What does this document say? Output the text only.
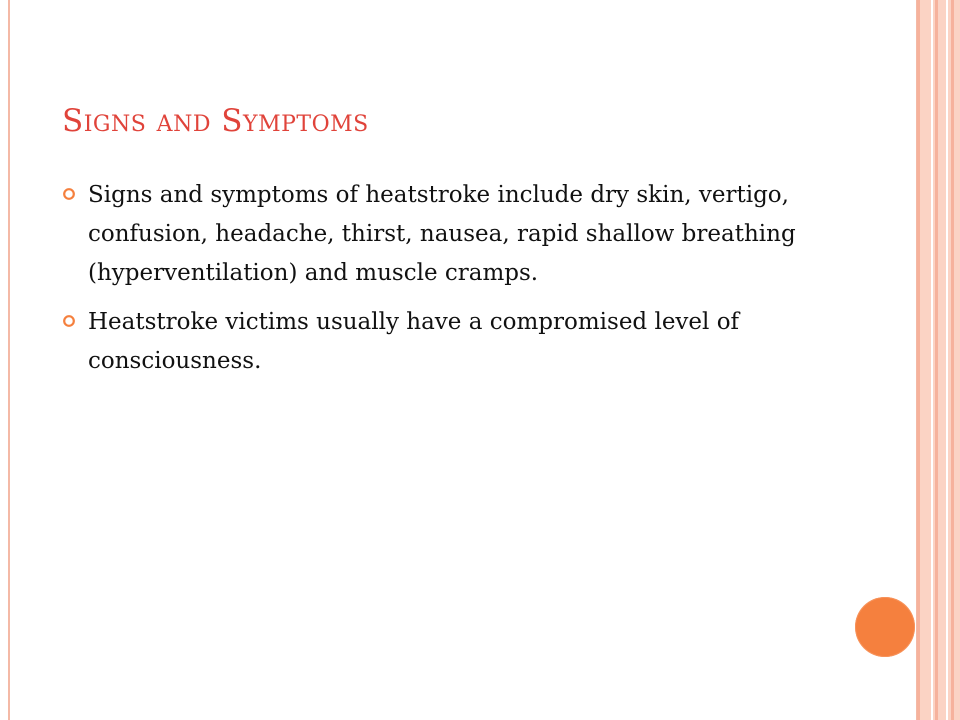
Signs and Symptoms
Signs and symptoms of heatstroke include dry skin, vertigo, confusion, headache, thirst, nausea, rapid shallow breathing (hyperventilation) and muscle cramps.
Heatstroke victims usually have a compromised level of consciousness.
